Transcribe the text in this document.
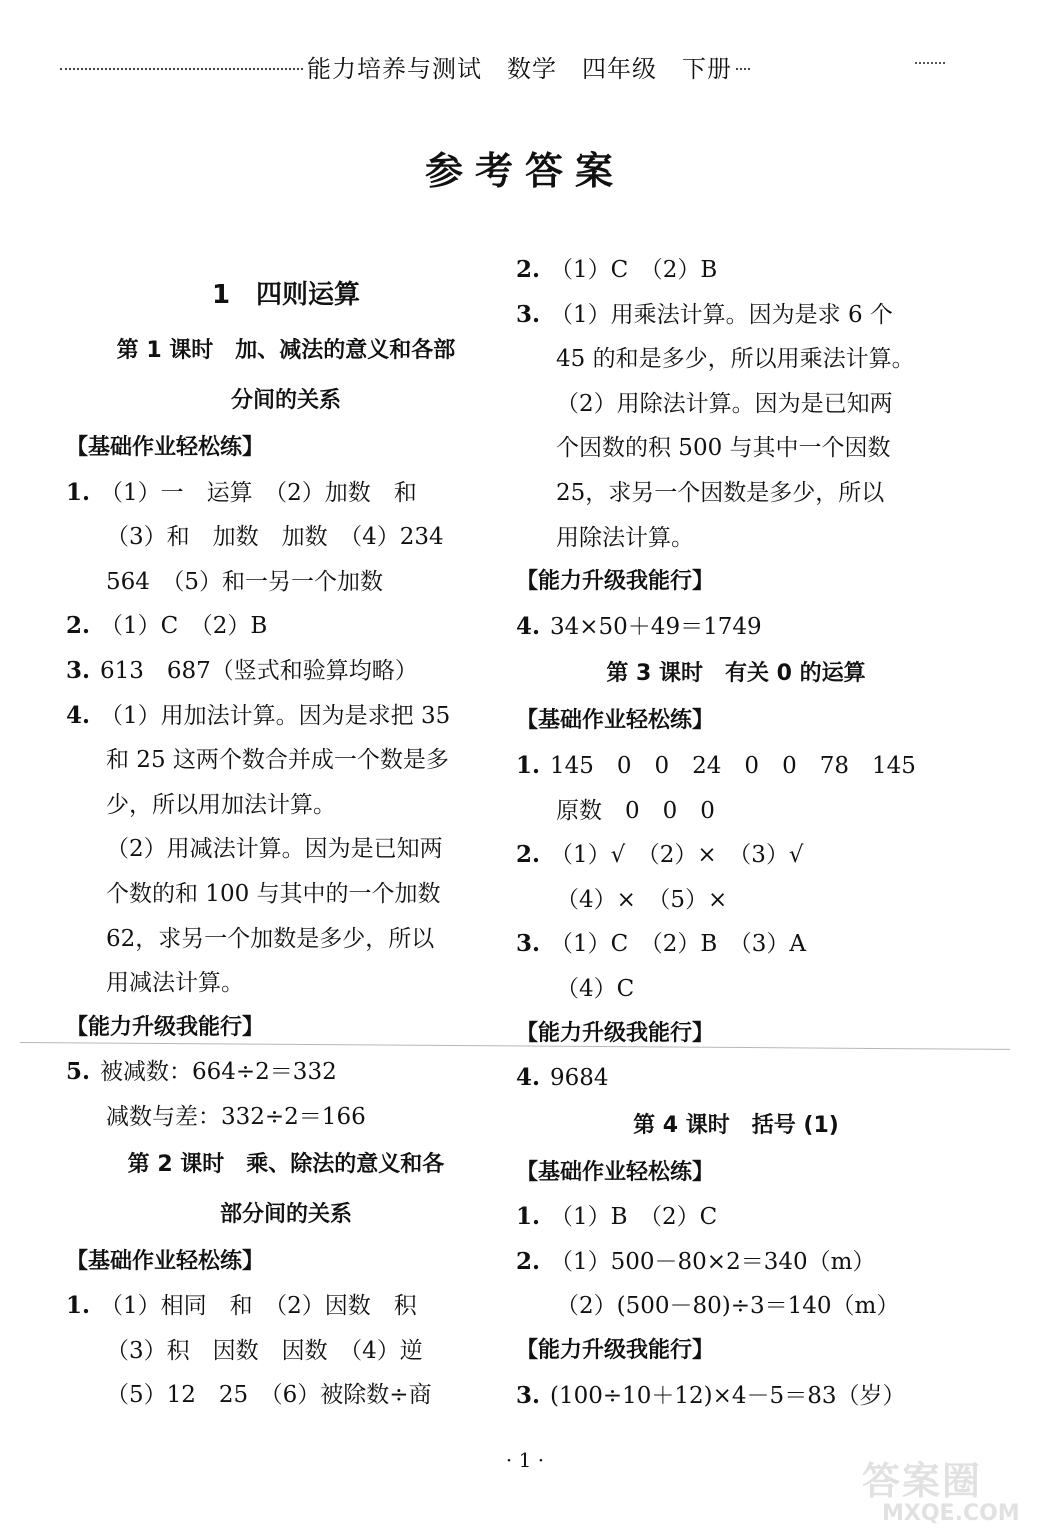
能力培养与测试　数学　四年级　下册
参考答案
1　四则运算
第 1 课时　加、减法的意义和各部
分间的关系
【基础作业轻松练】
1. （1）一　运算　（2）加数　和
（3）和　加数　加数　（4）234
564　（5）和一另一个加数
2. （1）C　（2）B
3. 613　687（竖式和验算均略）
4. （1）用加法计算。因为是求把 35
和 25 这两个数合并成一个数是多
少，所以用加法计算。
（2）用减法计算。因为是已知两
个数的和 100 与其中的一个加数
62，求另一个加数是多少，所以
用减法计算。
【能力升级我能行】
5. 被减数：664÷2＝332
减数与差：332÷2＝166
第 2 课时　乘、除法的意义和各
部分间的关系
【基础作业轻松练】
1. （1）相同　和　（2）因数　积
（3）积　因数　因数　（4）逆
（5）12　25　（6）被除数÷商
2. （1）C　（2）B
3. （1）用乘法计算。因为是求 6 个
45 的和是多少，所以用乘法计算。
（2）用除法计算。因为是已知两
个因数的积 500 与其中一个因数
25，求另一个因数是多少，所以
用除法计算。
【能力升级我能行】
4. 34×50＋49＝1749
第 3 课时　有关 0 的运算
【基础作业轻松练】
1. 145　0　0　24　0　0　78　145
原数　0　0　0
2. （1）√　（2）×　（3）√
（4）×　（5）×
3. （1）C　（2）B　（3）A
（4）C
【能力升级我能行】
4. 9684
第 4 课时　括号 (1)
【基础作业轻松练】
1. （1）B　（2）C
2. （1）500－80×2＝340（m）
（2）(500－80)÷3＝140（m）
【能力升级我能行】
3. (100÷10＋12)×4－5＝83（岁）
· 1 ·	答案圈
MXQE.COM
